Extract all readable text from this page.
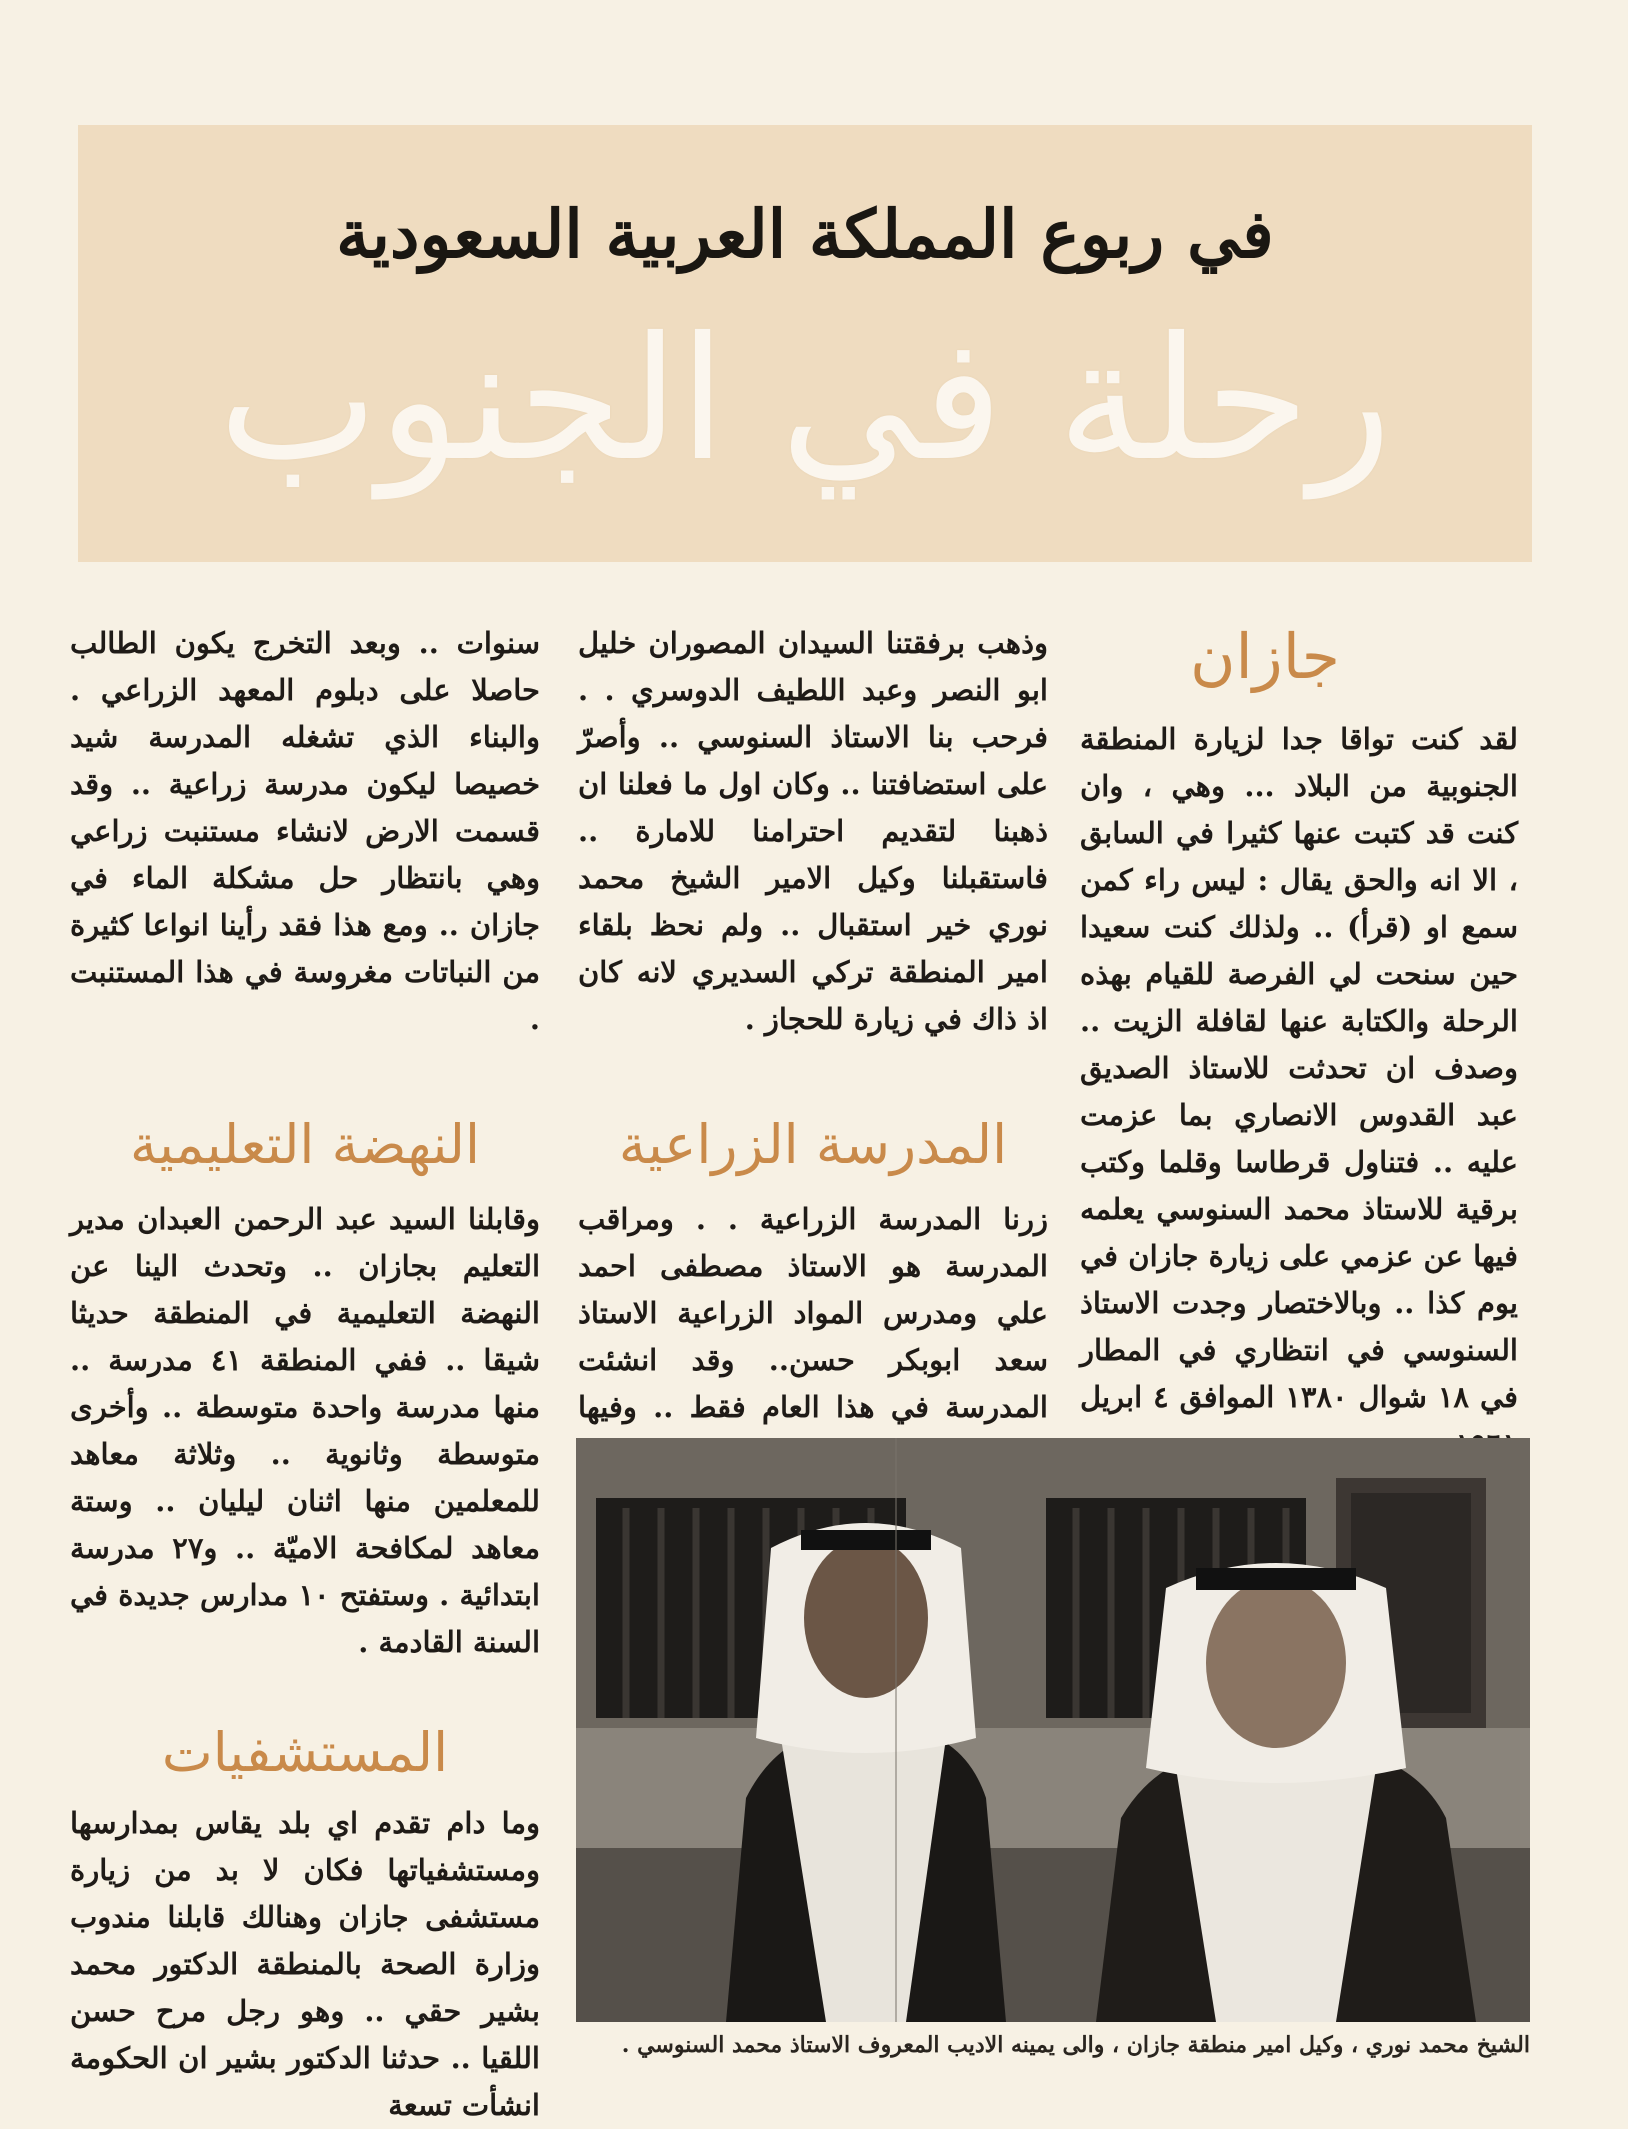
في ربوع المملكة العربية السعودية
رحلة في الجنوب
جازان

لقد كنت تواقا جدا لزيارة المنطقة الجنوبية من البلاد ... وهي ، وان كنت قد كتبت عنها كثيرا في السابق ، الا انه والحق يقال : ليس راء كمن سمع او (قرأ) .. ولذلك كنت سعيدا حين سنحت لي الفرصة للقيام بهذه الرحلة والكتابة عنها لقافلة الزيت .. وصدف ان تحدثت للاستاذ الصديق عبد القدوس الانصاري بما عزمت عليه .. فتناول قرطاسا وقلما وكتب برقية للاستاذ محمد السنوسي يعلمه فيها عن عزمي على زيارة جازان في يوم كذا .. وبالاختصار وجدت الاستاذ السنوسي في انتظاري في المطار في ١٨ شوال ١٣٨٠ الموافق ٤ ابريل

وذهب برفقتنا السيدان المصوران خليل ابو النصر وعبد اللطيف الدوسري . . فرحب بنا الاستاذ السنوسي .. وأصرّ على استضافتنا .. وكان اول ما فعلنا ان ذهبنا لتقديم احترامنا للامارة .. فاستقبلنا وكيل الامير الشيخ محمد نوري خير استقبال .. ولم نحظ بلقاء امير المنطقة تركي السديري لانه كان اذ ذاك في زيارة للحجاز .

المدرسة الزراعية

زرنا المدرسة الزراعية . . ومراقب المدرسة هو الاستاذ مصطفى احمد علي ومدرس المواد الزراعية الاستاذ سعد ابوبكر حسن.. وقد انشئت المدرسة في هذا العام فقط .. وفيها

سنوات .. وبعد التخرج يكون الطالب حاصلا على دبلوم المعهد الزراعي . والبناء الذي تشغله المدرسة شيد خصيصا ليكون مدرسة زراعية .. وقد قسمت الارض لانشاء مستنبت زراعي وهي بانتظار حل مشكلة الماء في جازان .. ومع هذا فقد رأينا انواعا كثيرة من النباتات مغروسة في هذا المستنبت .

النهضة التعليمية

وقابلنا السيد عبد الرحمن العبدان مدير التعليم بجازان .. وتحدث الينا عن النهضة التعليمية في المنطقة حديثا شيقا .. ففي المنطقة ٤١ مدرسة .. منها مدرسة واحدة متوسطة .. وأخرى متوسطة وثانوية .. وثلاثة معاهد للمعلمين منها اثنان ليليان .. وستة معاهد لمكافحة الاميّة .. و٢٧ مدرسة ابتدائية . وستفتح ١٠ مدارس جديدة في السنة القادمة .

المستشفيات

وما دام تقدم اي بلد يقاس بمدارسها ومستشفياتها فكان لا بد من زيارة مستشفى جازان وهنالك قابلنا مندوب وزارة الصحة بالمنطقة الدكتور محمد بشير حقي .. وهو رجل مرح حسن اللقيا .. حدثنا الدكتور بشير ان الحكومة انشأت تسعة

الشيخ محمد نوري ، وكيل امير منطقة جازان ، والى يمينه الاديب المعروف الاستاذ محمد السنوسي .
